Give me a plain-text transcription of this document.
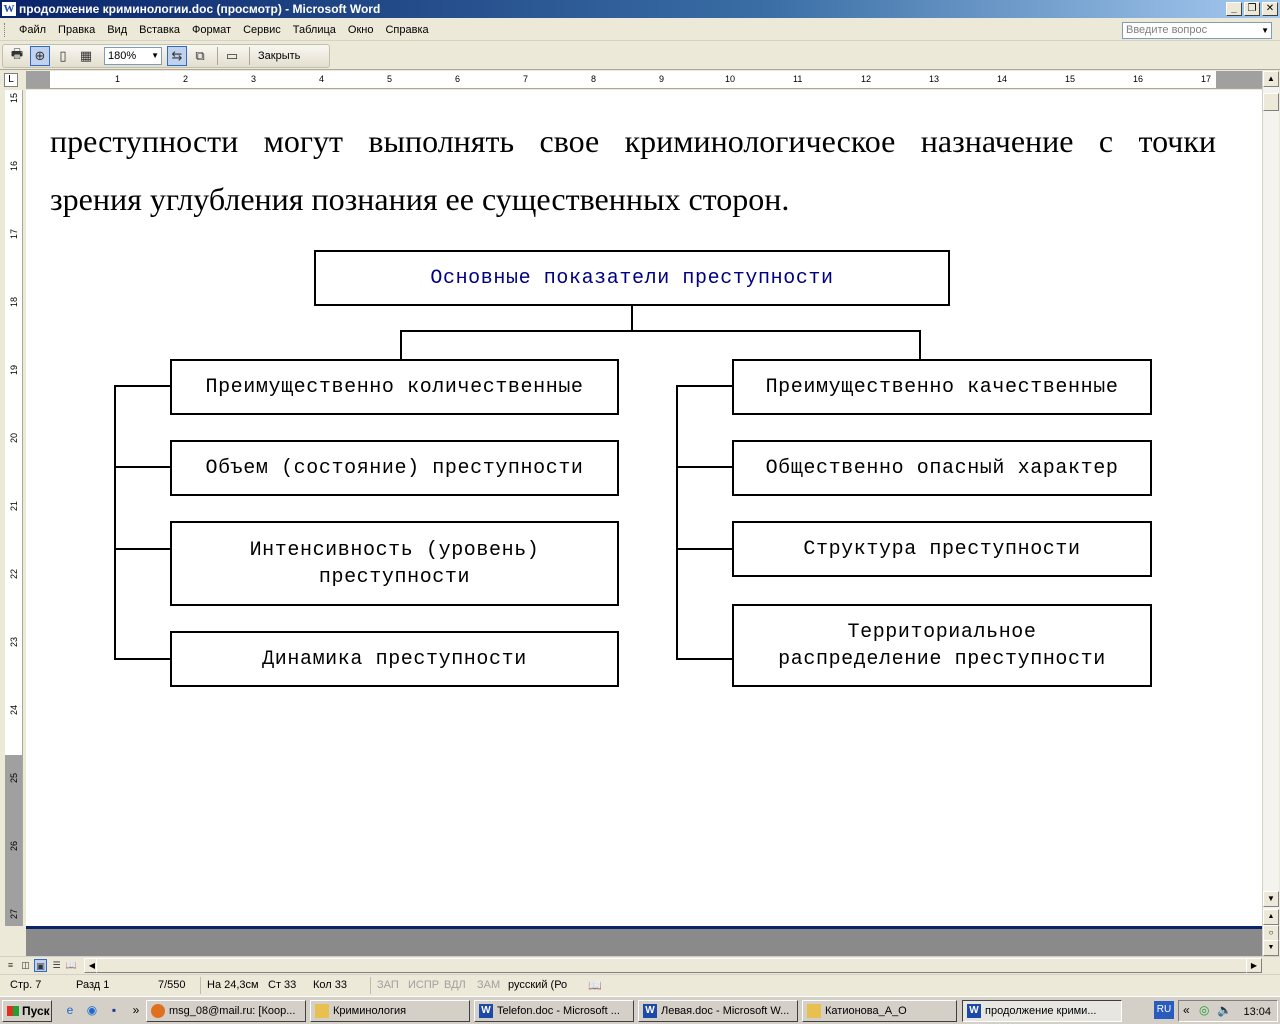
W продолжение криминологии.doc (просмотр) - Microsoft Word	_	❐ ✕
Файл	Правка	Вид	Вставка	Формат	Сервис	Таблица	Окно	Справка	Введите вопрос	▼
🖶 ⊕	▯	▦	180% ▼ ⇆ ⧉	▭	Закрыть
L	1	2	3	4	5	6	7	8	9	10	11	12	13	14	15	16	17
15
16
17
18
19
20
21
22
23
24
25
26
27
преступности могут выполнять свое криминологическое назначение с точки
зрения углубления познания ее существенных сторон.
Основные показатели преступности
Преимущественно количественные
Объем (состояние) преступности
Интенсивность (уровень)
преступности
Динамика преступности
Преимущественно качественные
Общественно опасный характер
Структура преступности
Территориальное
распределение преступности
▲
▼
▲
○
▼
≡ ◫ ▣ ☰ 📖	◀	▶
Стр. 7	Разд 1	7/550 На 24,3см Ст 33 Кол 33	ЗАП ИСПР ВДЛ ЗАМ русский (Ро 📖
Пуск	e	◉	▪	»	msg_08@mail.ru: [Коор...	Криминология	W Telefon.doc - Microsoft ...	W Левая.doc - Microsoft W...	Катионова_А_О	W продолжение крими...	RU « ◎ 🔈 13:04
